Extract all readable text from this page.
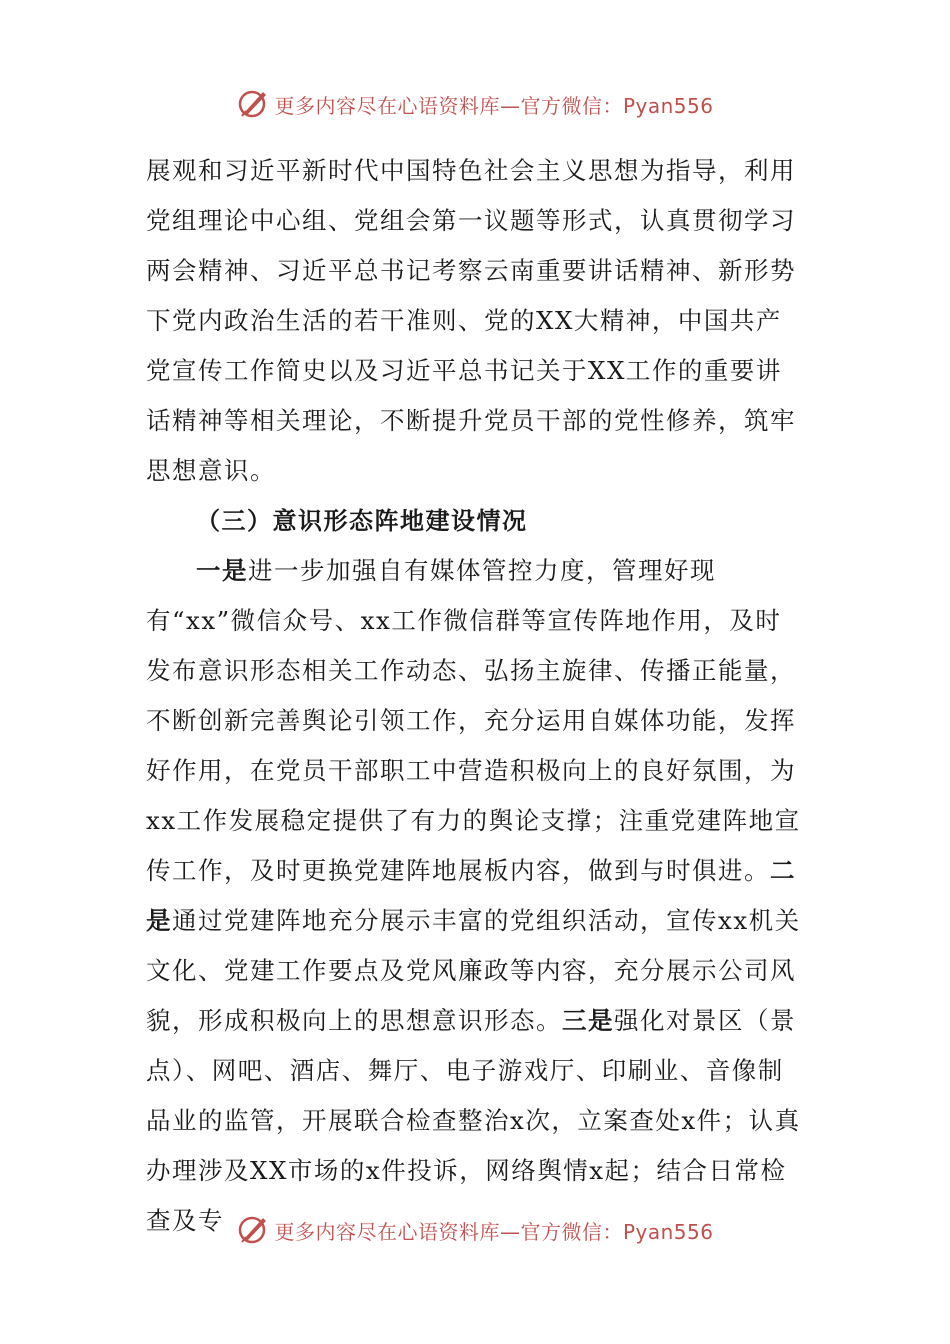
更多内容尽在心语资料库—官方微信：Pyan556

展观和习近平新时代中国特色社会主义思想为指导，利用党组理论中心组、党组会第一议题等形式，认真贯彻学习两会精神、习近平总书记考察云南重要讲话精神、新形势下党内政治生活的若干准则、党的XX大精神，中国共产党宣传工作简史以及习近平总书记关于XX工作的重要讲话精神等相关理论，不断提升党员干部的党性修养，筑牢思想意识。

（三）意识形态阵地建设情况

一是进一步加强自有媒体管控力度，管理好现有“xx”微信众号、xx工作微信群等宣传阵地作用，及时发布意识形态相关工作动态、弘扬主旋律、传播正能量，不断创新完善舆论引领工作，充分运用自媒体功能，发挥好作用，在党员干部职工中营造积极向上的良好氛围，为xx工作发展稳定提供了有力的舆论支撑；注重党建阵地宣传工作，及时更换党建阵地展板内容，做到与时俱进。二是通过党建阵地充分展示丰富的党组织活动，宣传xx机关文化、党建工作要点及党风廉政等内容，充分展示公司风貌，形成积极向上的思想意识形态。三是强化对景区（景点）、网吧、酒店、舞厅、电子游戏厅、印刷业、音像制品业的监管，开展联合检查整治x次，立案查处x件；认真办理涉及XX市场的x件投诉，网络舆情x起；结合日常检查及专	更多内容尽在心语资料库—官方微信：Pyan556
